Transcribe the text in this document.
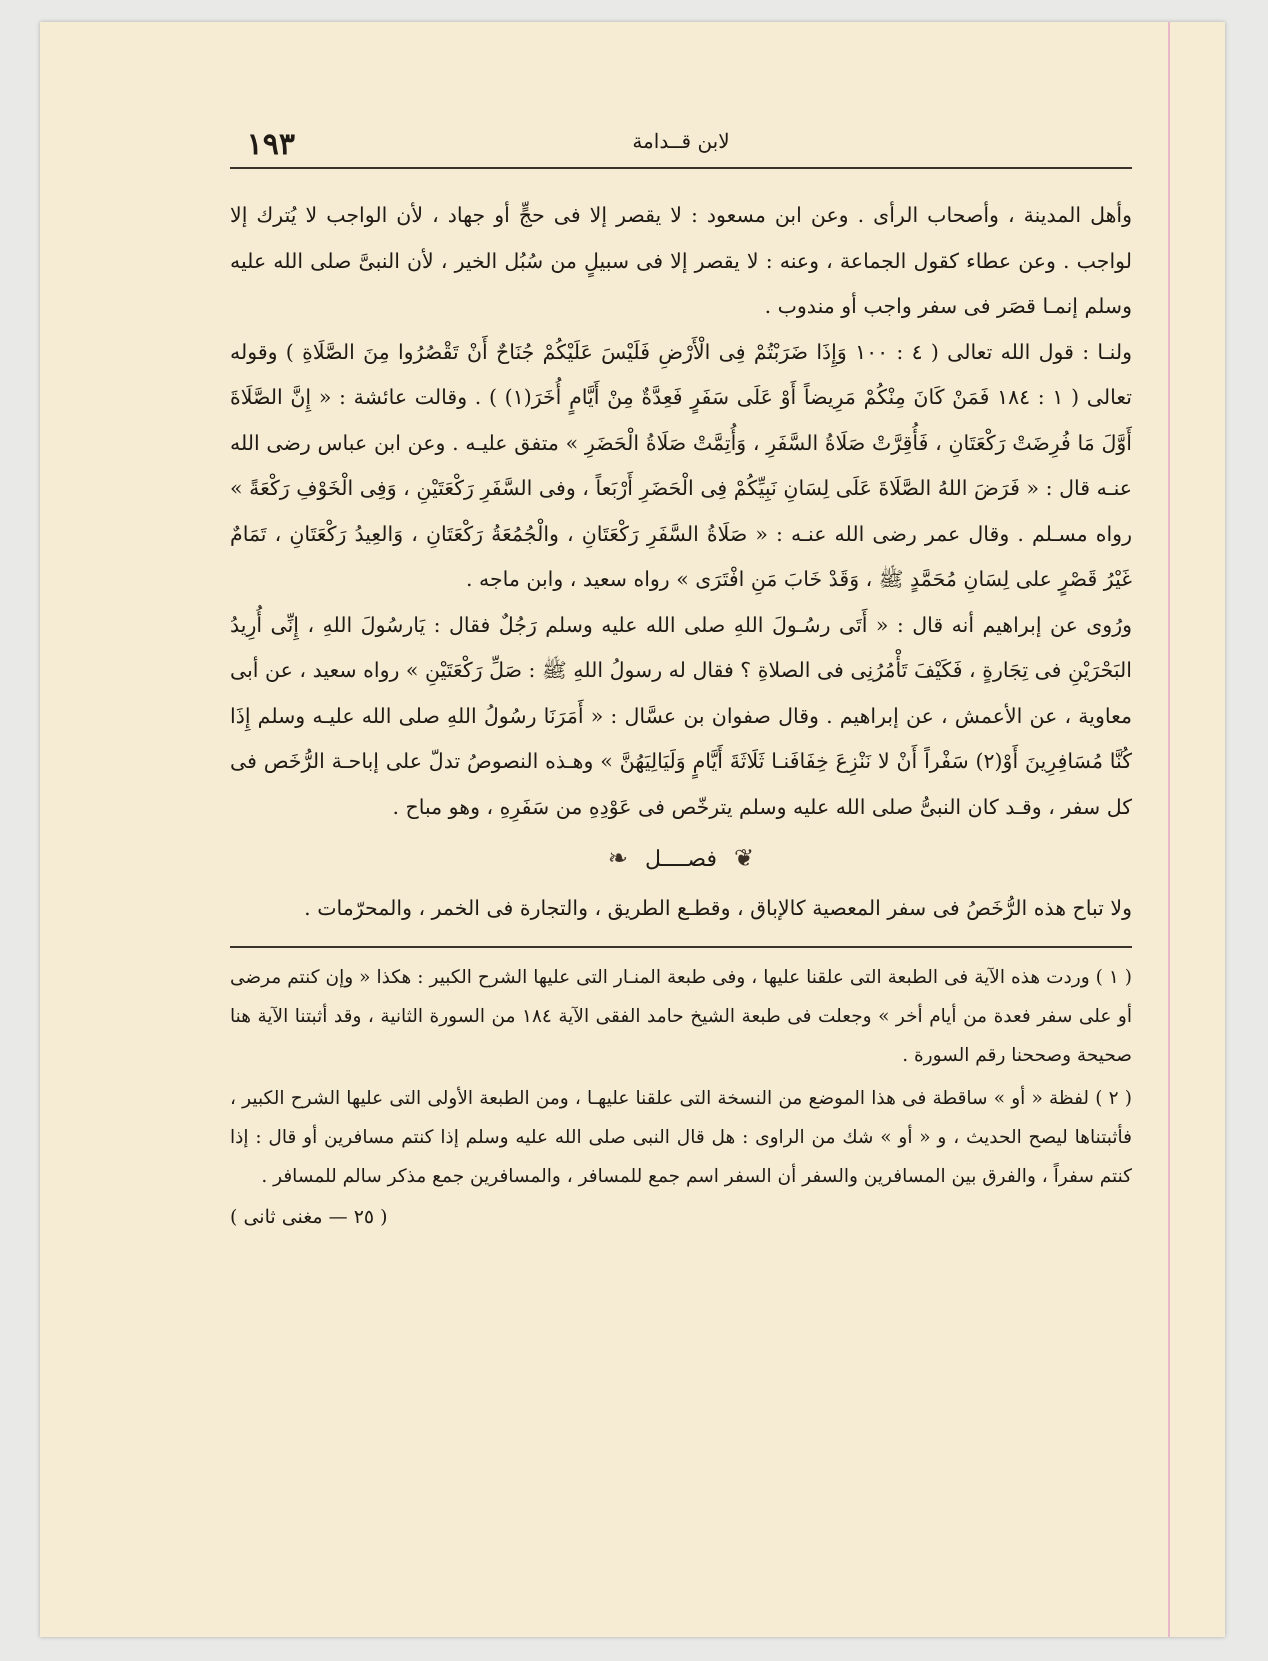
١٩٣	لابن قــدامة

وأهل المدينة ، وأصحاب الرأى . وعن ابن مسعود : لا يقصر إلا فى حجٍّ أو جهاد ، لأن الواجب لا يُترك إلا لواجب . وعن عطاء كقول الجماعة ، وعنه : لا يقصر إلا فى سبيلٍ من سُبُل الخير ، لأن النبىَّ صلى الله عليه وسلم إنمـا قصَر فى سفر واجب أو مندوب .

ولنـا : قول الله تعالى ( ٤ : ١٠٠ وَإِذَا ضَرَبْتُمْ فِى الْأَرْضِ فَلَيْسَ عَلَيْكُمْ جُنَاحٌ أَنْ تَقْصُرُوا مِنَ الصَّلَاةِ ) وقوله تعالى ( ١ : ١٨٤ فَمَنْ كَانَ مِنْكُمْ مَرِيضاً أَوْ عَلَى سَفَرٍ فَعِدَّةٌ مِنْ أَيَّامٍ أُخَرَ(١) ) . وقالت عائشة : « إِنَّ الصَّلَاةَ أَوَّلَ مَا فُرِضَتْ رَكْعَتَانِ ، فَأُقِرَّتْ صَلَاةُ السَّفَرِ ، وَأُتِمَّتْ صَلَاةُ الْحَضَرِ » متفق عليـه . وعن ابن عباس رضى الله عنـه قال : « فَرَضَ اللهُ الصَّلَاةَ عَلَى لِسَانِ نَبِيِّكُمْ فِى الْحَضَرِ أَرْبَعاً ، وفى السَّفَرِ رَكْعَتَيْنِ ، وَفِى الْخَوْفِ رَكْعَةً » رواه مسـلم . وقال عمر رضى الله عنـه : « صَلَاةُ السَّفَرِ رَكْعَتَانِ ، والْجُمُعَةُ رَكْعَتَانِ ، وَالعِيدُ رَكْعَتَانِ ، تَمَامٌ غَيْرُ قَصْرٍ على لِسَانِ مُحَمَّدٍ ﷺ ، وَقَدْ خَابَ مَنِ افْتَرَى » رواه سعيد ، وابن ماجه .

ورُوى عن إبراهيم أنه قال : « أَتَى رسُـولَ اللهِ صلى الله عليه وسلم رَجُلٌ فقال : يَارسُولَ اللهِ ، إِنِّى أُرِيدُ البَحْرَيْنِ فى تِجَارةٍ ، فَكَيْفَ تَأْمُرُنِى فى الصلاةِ ؟ فقال له رسولُ اللهِ ﷺ : صَلِّ رَكْعَتَيْنِ » رواه سعيد ، عن أبى معاوية ، عن الأعمش ، عن إبراهيم . وقال صفوان بن عسَّال : « أَمَرَنَا رسُولُ اللهِ صلى الله عليـه وسلم إِذَا كُنَّا مُسَافِرِينَ أَوْ(٢) سَفْراً أَنْ لا نَنْزِعَ خِفَافَنـا ثَلَاثَةَ أَيَّامٍ وَلَيَالِيَهُنَّ » وهـذه النصوصُ تدلّ على إباحـة الرُّخَص فى كل سفر ، وقـد كان النبىُّ صلى الله عليه وسلم يترخّص فى عَوْدِهِ من سَفَرِهِ ، وهو مباح .

❦ فصــــل ❧

ولا تباح هذه الرُّخَصُ فى سفر المعصية كالإباق ، وقطـع الطريق ، والتجارة فى الخمر ، والمحرّمات .

( ١ ) وردت هذه الآية فى الطبعة التى علقنا عليها ، وفى طبعة المنـار التى عليها الشرح الكبير : هكذا « وإن كنتم مرضى أو على سفر فعدة من أيام أخر » وجعلت فى طبعة الشيخ حامد الفقى الآية ١٨٤ من السورة الثانية ، وقد أثبتنا الآية هنا صحيحة وصححنا رقم السورة .

( ٢ ) لفظة « أو » ساقطة فى هذا الموضع من النسخة التى علقنا عليهـا ، ومن الطبعة الأولى التى عليها الشرح الكبير ، فأثبتناها ليصح الحديث ، و « أو » شك من الراوى : هل قال النبى صلى الله عليه وسلم إذا كنتم مسافرين أو قال : إذا كنتم سفراً ، والفرق بين المسافرين والسفر أن السفر اسم جمع للمسافر ، والمسافرين جمع مذكر سالم للمسافر .

( ٢٥ — مغنى ثانى )
